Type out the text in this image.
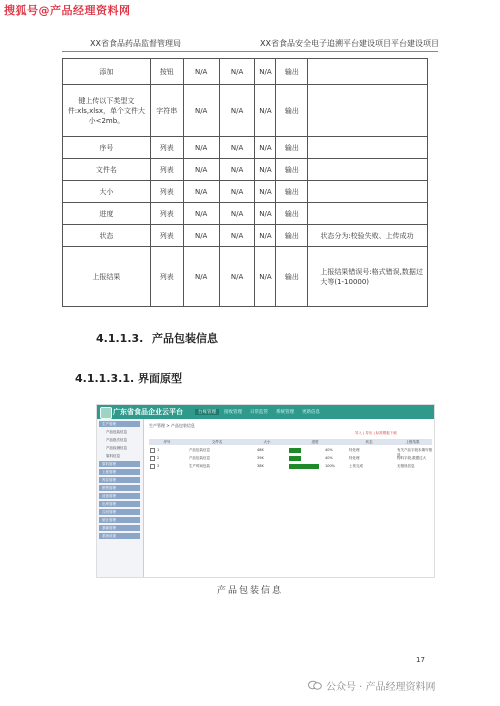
搜狐号@产品经理资料网
XX省食品药品监督管理局	XX省食品安全电子追溯平台建设项目平台建设项目
添加	按钮	N/A	N/A	N/A	输出	
键上传以下类型文件:xls,xlsx，单个文件大小<2mb。	字符串	N/A	N/A	N/A	输出	
序号	列表	N/A	N/A	N/A	输出	
文件名	列表	N/A	N/A	N/A	输出	
大小	列表	N/A	N/A	N/A	输出	
进度	列表	N/A	N/A	N/A	输出	
状态	列表	N/A	N/A	N/A	输出	状态分为:校验失败、上传成功
上报结果	列表	N/A	N/A	N/A	输出	上报结果错误号:格式错误,数据过大等(1-10000)
4.1.1.3. 产品包装信息
4.1.1.3.1. 界面原型
广东省食品企业云平台	台账管理	接收管理	日常监管	系统管理	更新信息
生产管理
产品包装信息
产品批次信息
产品检测信息
原料信息
原料管理
上报管理
库存管理
销售管理
设备管理
出库管理
召回管理
统计管理
基础管理
系统设置
生产管理 > 产品包装信息
导入 | 导出 | 标准模板下载
序号	文件名	大小	进度	状态	上报结果
1	产品包装信息	48K	40%	待处理	有关产品字段未填写错误
2	产品包装信息	39K	40%	待处理	物料字段,数据过大
3	生产时间包装	38K	100%	上传完成	无错误信息
产品包装信息
17
公众号 · 产品经理资料网
